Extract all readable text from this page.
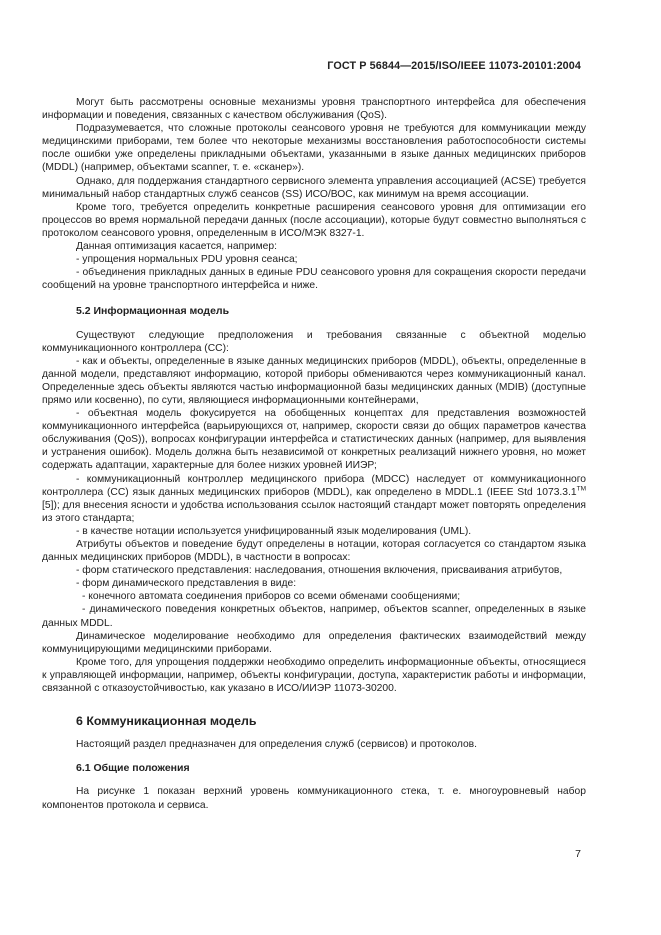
ГОСТ Р 56844—2015/ISO/IEEE 11073-20101:2004

Могут быть рассмотрены основные механизмы уровня транспортного интерфейса для обеспечения информации и поведения, связанных с качеством обслуживания (QoS).

Подразумевается, что сложные протоколы сеансового уровня не требуются для коммуникации между медицинскими приборами, тем более что некоторые механизмы восстановления работоспособности системы после ошибки уже определены прикладными объектами, указанными в языке данных медицинских приборов (MDDL) (например, объектами scanner, т. е. «сканер»).

Однако, для поддержания стандартного сервисного элемента управления ассоциацией (ACSE) требуется минимальный набор стандартных служб сеансов (SS) ИСО/ВОС, как минимум на время ассоциации.

Кроме того, требуется определить конкретные расширения сеансового уровня для оптимизации его процессов во время нормальной передачи данных (после ассоциации), которые будут совместно выполняться с протоколом сеансового уровня, определенным в ИСО/МЭК 8327-1.

Данная оптимизация касается, например:

- упрощения нормальных PDU уровня сеанса;

- объединения прикладных данных в единые PDU сеансового уровня для сокращения скорости передачи сообщений на уровне транспортного интерфейса и ниже.

5.2 Информационная модель

Существуют следующие предположения и требования связанные с объектной моделью коммуникационного контроллера (CC):

- как и объекты, определенные в языке данных медицинских приборов (MDDL), объекты, определенные в данной модели, представляют информацию, которой приборы обмениваются через коммуникационный канал. Определенные здесь объекты являются частью информационной базы медицинских данных (MDIB) (доступные прямо или косвенно), по сути, являющиеся информационными контейнерами,

- объектная модель фокусируется на обобщенных концептах для представления возможностей коммуникационного интерфейса (варьирующихся от, например, скорости связи до общих параметров качества обслуживания (QoS)), вопросах конфигурации интерфейса и статистических данных (например, для выявления и устранения ошибок). Модель должна быть независимой от конкретных реализаций нижнего уровня, но может содержать адаптации, характерные для более низких уровней ИИЭР;

- коммуникационный контроллер медицинского прибора (MDCC) наследует от коммуникационного контроллера (CC) язык данных медицинских приборов (MDDL), как определено в MDDL.1 (IEEE Std 1073.3.1™ [5]); для внесения ясности и удобства использования ссылок настоящий стандарт может повторять определения из этого стандарта;

- в качестве нотации используется унифицированный язык моделирования (UML).

Атрибуты объектов и поведение будут определены в нотации, которая согласуется со стандартом языка данных медицинских приборов (MDDL), в частности в вопросах:

- форм статического представления: наследования, отношения включения, присваивания атрибутов,

- форм динамического представления в виде:

- конечного автомата соединения приборов со всеми обменами сообщениями;

- динамического поведения конкретных объектов, например, объектов scanner, определенных в языке данных MDDL.

Динамическое моделирование необходимо для определения фактических взаимодействий между коммуницирующими медицинскими приборами.

Кроме того, для упрощения поддержки необходимо определить информационные объекты, относящиеся к управляющей информации, например, объекты конфигурации, доступа, характеристик работы и информации, связанной с отказоустойчивостью, как указано в ИСО/ИИЭР 11073-30200.

6 Коммуникационная модель

Настоящий раздел предназначен для определения служб (сервисов) и протоколов.

6.1 Общие положения

На рисунке 1 показан верхний уровень коммуникационного стека, т. е. многоуровневый набор компонентов протокола и сервиса.

7
